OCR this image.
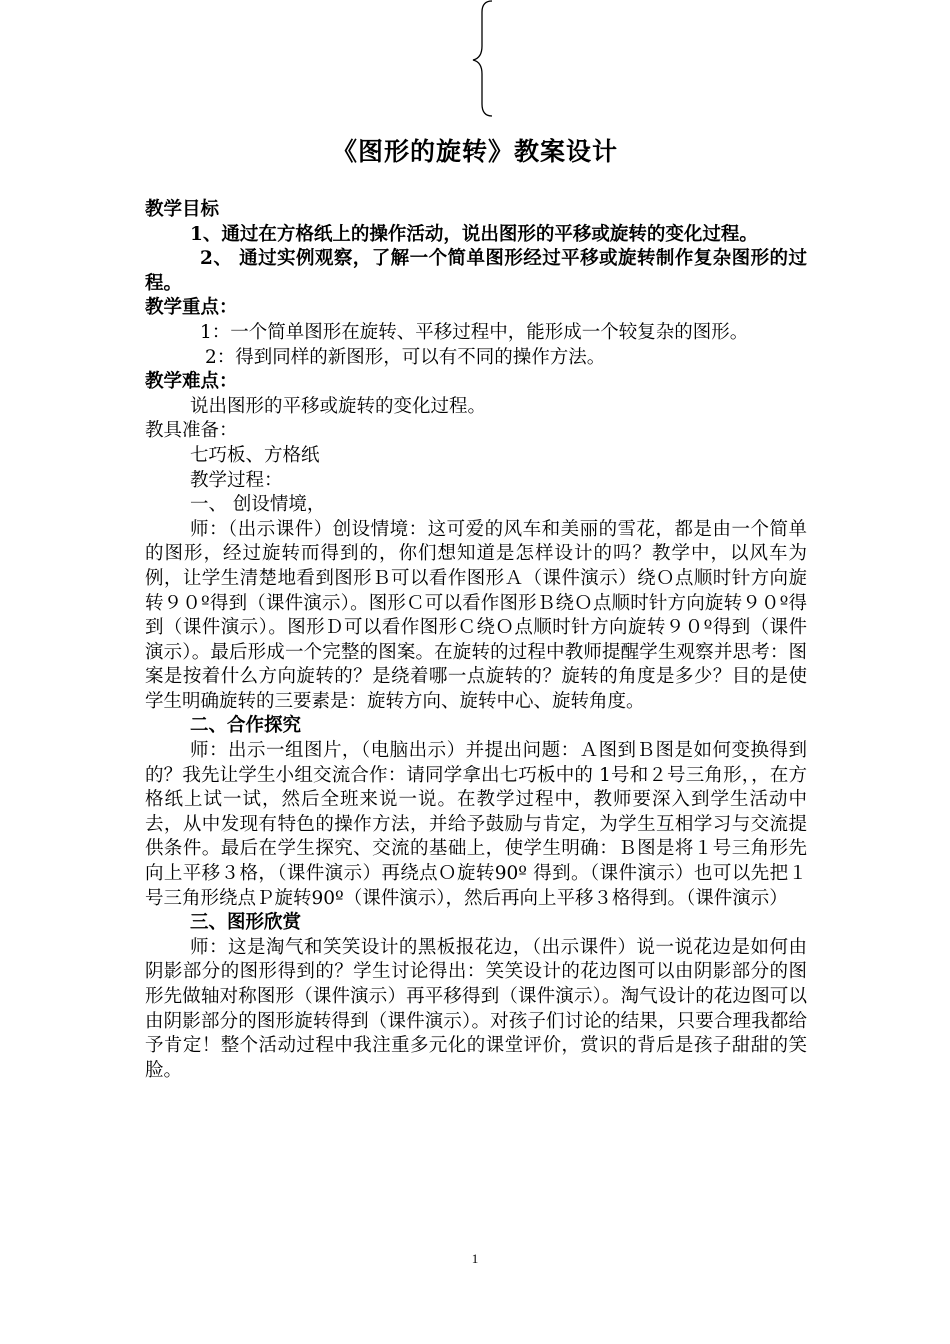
《图形的旋转》教案设计

教学目标

1、通过在方格纸上的操作活动，说出图形的平移或旋转的变化过程。

2、 通过实例观察，了解一个简单图形经过平移或旋转制作复杂图形的过程。

教学重点：

1：一个简单图形在旋转、平移过程中，能形成一个较复杂的图形。

2：得到同样的新图形，可以有不同的操作方法。

教学难点：

说出图形的平移或旋转的变化过程。

教具准备：

七巧板、方格纸

教学过程：

一、 创设情境，

师：（出示课件）创设情境：这可爱的风车和美丽的雪花，都是由一个简单的图形，经过旋转而得到的，你们想知道是怎样设计的吗？教学中，以风车为例，让学生清楚地看到图形Ｂ可以看作图形Ａ（课件演示）绕Ｏ点顺时针方向旋转９０º得到（课件演示）。图形Ｃ可以看作图形Ｂ绕Ｏ点顺时针方向旋转９０º得到（课件演示）。图形Ｄ可以看作图形Ｃ绕Ｏ点顺时针方向旋转９０º得到（课件演示）。最后形成一个完整的图案。在旋转的过程中教师提醒学生观察并思考：图案是按着什么方向旋转的？是绕着哪一点旋转的？旋转的角度是多少？目的是使学生明确旋转的三要素是：旋转方向、旋转中心、旋转角度。

二、合作探究

师：出示一组图片，（电脑出示）并提出问题：Ａ图到Ｂ图是如何变换得到的？我先让学生小组交流合作：请同学拿出七巧板中的 1号和２号三角形，，在方格纸上试一试，然后全班来说一说。在教学过程中，教师要深入到学生活动中去，从中发现有特色的操作方法，并给予鼓励与肯定，为学生互相学习与交流提供条件。最后在学生探究、交流的基础上，使学生明确：Ｂ图是将１号三角形先向上平移３格，（课件演示）再绕点Ｏ旋转90º 得到。（课件演示）也可以先把１号三角形绕点Ｐ旋转90º（课件演示），然后再向上平移３格得到。（课件演示）

三、图形欣赏

师：这是淘气和笑笑设计的黑板报花边，（出示课件）说一说花边是如何由阴影部分的图形得到的？学生讨论得出：笑笑设计的花边图可以由阴影部分的图形先做轴对称图形（课件演示）再平移得到（课件演示）。淘气设计的花边图可以由阴影部分的图形旋转得到（课件演示）。对孩子们讨论的结果，只要合理我都给予肯定！整个活动过程中我注重多元化的课堂评价，赏识的背后是孩子甜甜的笑脸。

1
